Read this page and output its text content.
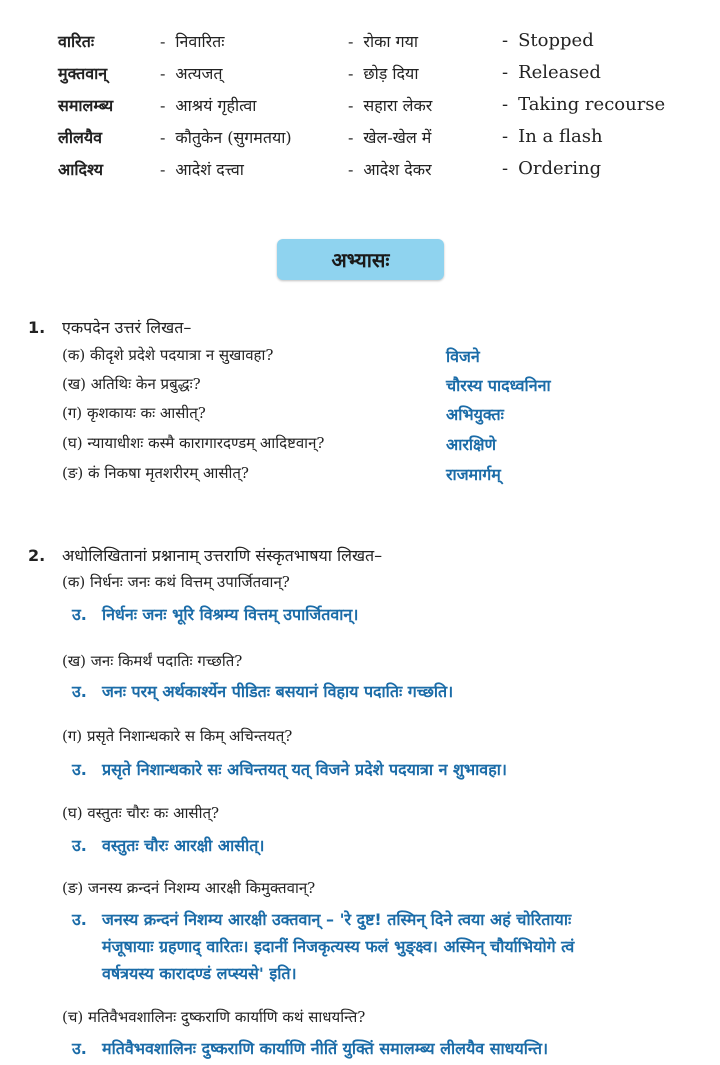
वारितः	- निवारितः	- रोका गया	- Stopped
मुक्तवान्	- अत्यजत्	- छोड़ दिया	- Released
समालम्ब्य	- आश्रयं गृहीत्वा	- सहारा लेकर	- Taking recourse
लीलयैव	- कौतुकेन (सुगमतया)	- खेल-खेल में	- In a flash
आदिश्य	- आदेशं दत्त्वा	- आदेश देकर	- Ordering
अभ्यासः
1. एकपदेन उत्तरं लिखत–
(क) कीदृशे प्रदेशे पदयात्रा न सुखावहा?	विजने
(ख) अतिथिः केन प्रबुद्धः?	चौरस्य पादध्वनिना
(ग) कृशकायः कः आसीत्?	अभियुक्तः
(घ) न्यायाधीशः कस्मै कारागारदण्डम् आदिष्टवान्?	आरक्षिणे
(ङ) कं निकषा मृतशरीरम् आसीत्?	राजमार्गम्
2. अधोलिखितानां प्रश्नानाम् उत्तराणि संस्कृतभाषया लिखत–
(क) निर्धनः जनः कथं वित्तम् उपार्जितवान्?
उ. निर्धनः जनः भूरि विश्रम्य वित्तम् उपार्जितवान्।
(ख) जनः किमर्थं पदातिः गच्छति?
उ. जनः परम् अर्थकार्श्येन पीडितः बसयानं विहाय पदातिः गच्छति।
(ग) प्रसृते निशान्धकारे स किम् अचिन्तयत्?
उ. प्रसृते निशान्धकारे सः अचिन्तयत् यत् विजने प्रदेशे पदयात्रा न शुभावहा।
(घ) वस्तुतः चौरः कः आसीत्?
उ. वस्तुतः चौरः आरक्षी आसीत्।
(ङ) जनस्य क्रन्दनं निशम्य आरक्षी किमुक्तवान्?
उ. जनस्य क्रन्दनं निशम्य आरक्षी उक्तवान् – 'रे दुष्ट! तस्मिन् दिने त्वया अहं चोरितायाः
मंजूषायाः ग्रहणाद् वारितः। इदानीं निजकृत्यस्य फलं भुङ्क्ष्व। अस्मिन् चौर्याभियोगे त्वं
वर्षत्रयस्य कारादण्डं लप्स्यसे' इति।
(च) मतिवैभवशालिनः दुष्कराणि कार्याणि कथं साधयन्ति?
उ. मतिवैभवशालिनः दुष्कराणि कार्याणि नीतिं युक्तिं समालम्ब्य लीलयैव साधयन्ति।
